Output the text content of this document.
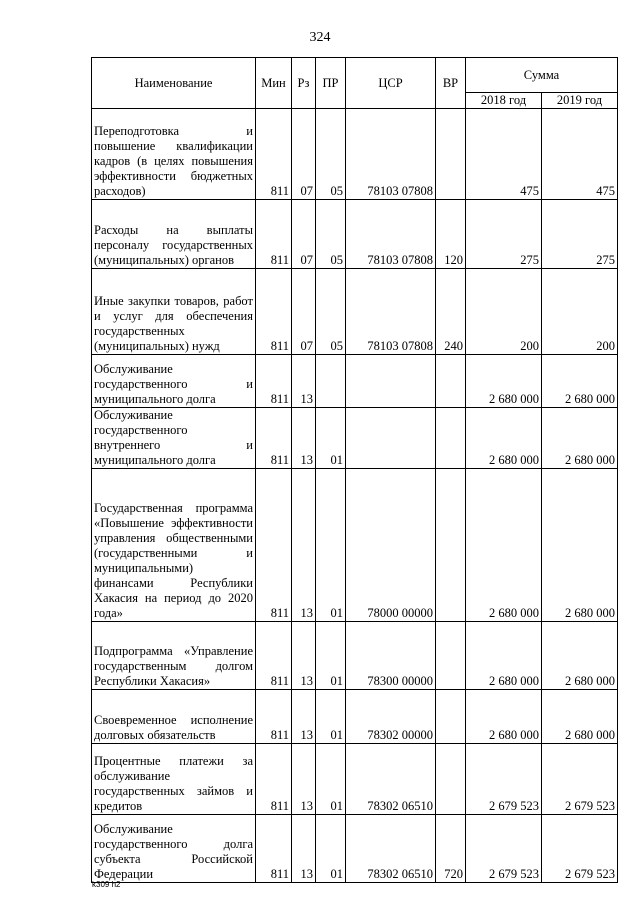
324
Наименование	Мин	Рз	ПР	ЦСР	ВР	Сумма	
						2018 год	2019 год
Переподготовка и повышение квалификации кадров (в целях повышения эффективности бюджетных расходов)	811	07	05	78103 07808		475	475
Расходы на выплаты персоналу государственных (муниципальных) органов	811	07	05	78103 07808	120	275	275
Иные закупки товаров, работ и услуг для обеспечения государственных (муниципальных) нужд	811	07	05	78103 07808	240	200	200
Обслуживание государственного и муниципального долга	811	13				2 680 000	2 680 000
Обслуживание государственного внутреннего и муниципального долга	811	13	01			2 680 000	2 680 000
Государственная программа «Повышение эффективности управления общественными (государственными и муниципальными) финансами Республики Хакасия на период до 2020 года»	811	13	01	78000 00000		2 680 000	2 680 000
Подпрограмма «Управление государственным долгом Республики Хакасия»	811	13	01	78300 00000		2 680 000	2 680 000
Своевременное исполнение долговых обязательств	811	13	01	78302 00000		2 680 000	2 680 000
Процентные платежи за обслуживание государственных займов и кредитов	811	13	01	78302 06510		2 679 523	2 679 523
Обслуживание государственного долга субъекта Российской Федерации	811	13	01	78302 06510	720	2 679 523	2 679 523
k309 h2
